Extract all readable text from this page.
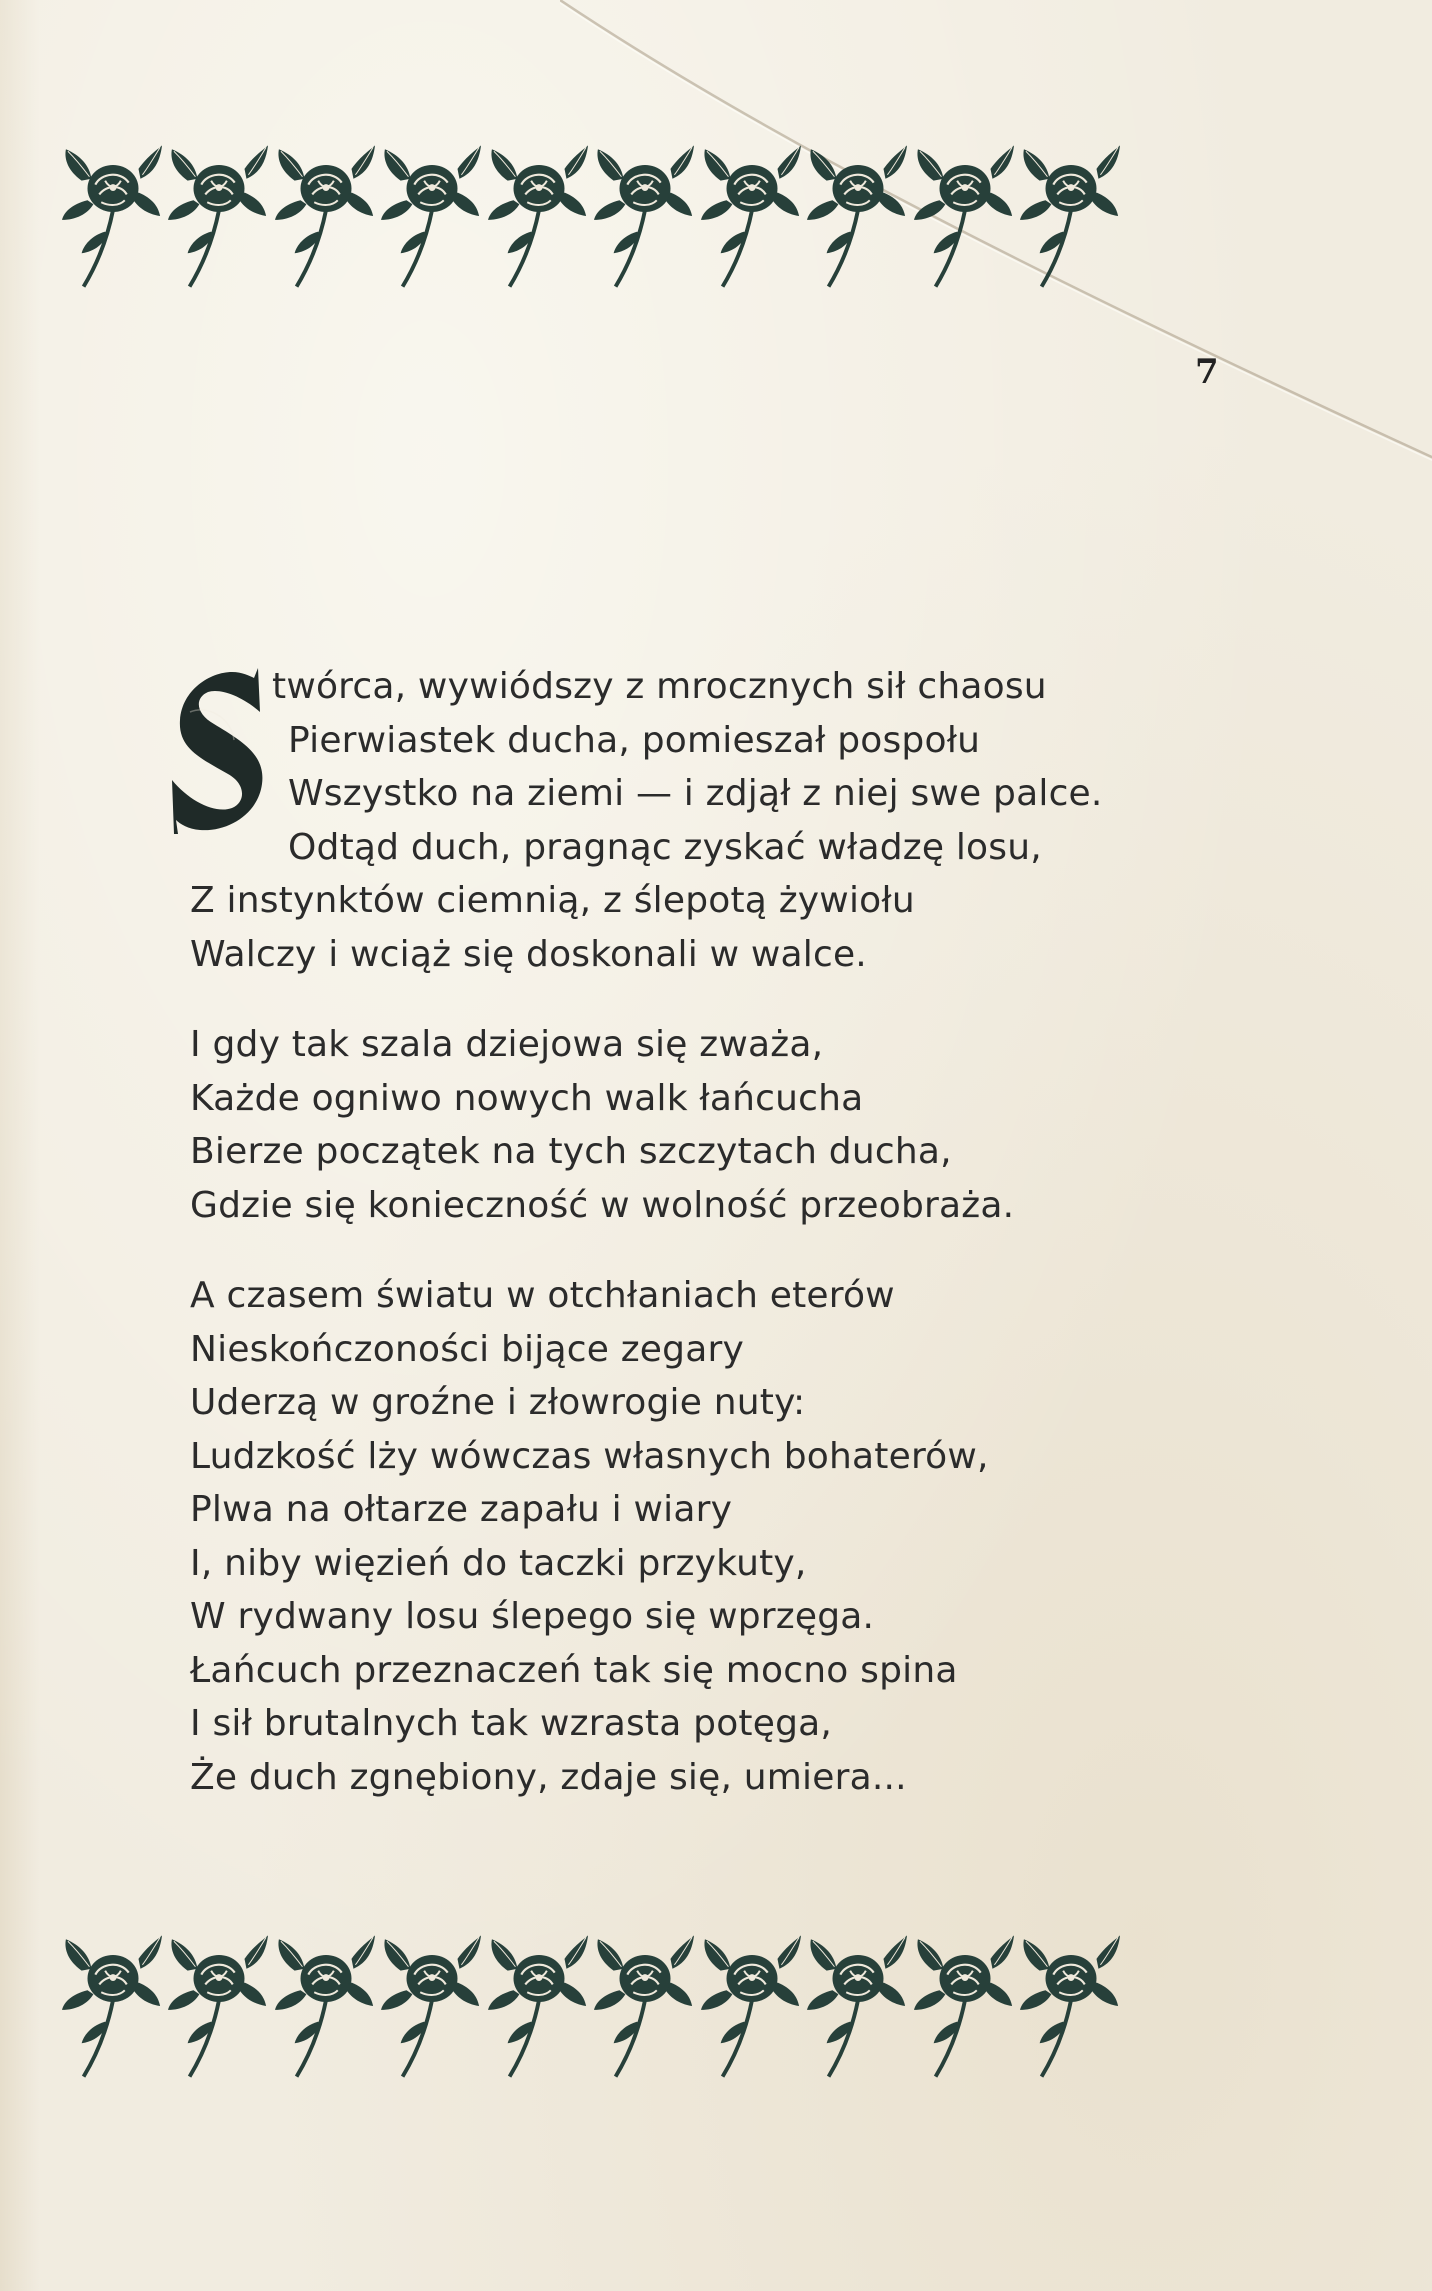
7
S
twórca, wywiódszy z mrocznych sił chaosu
Pierwiastek ducha, pomieszał pospołu
Wszystko na ziemi — i zdjął z niej swe palce.
Odtąd duch, pragnąc zyskać władzę losu,
Z instynktów ciemnią, z ślepotą żywiołu
Walczy i wciąż się doskonali w walce.
I gdy tak szala dziejowa się zważa,
Każde ogniwo nowych walk łańcucha
Bierze początek na tych szczytach ducha,
Gdzie się konieczność w wolność przeobraża.
A czasem światu w otchłaniach eterów
Nieskończoności bijące zegary
Uderzą w groźne i złowrogie nuty:
Ludzkość lży wówczas własnych bohaterów,
Plwa na ołtarze zapału i wiary
I, niby więzień do taczki przykuty,
W rydwany losu ślepego się wprzęga.
Łańcuch przeznaczeń tak się mocno spina
I sił brutalnych tak wzrasta potęga,
Że duch zgnębiony, zdaje się, umiera...
